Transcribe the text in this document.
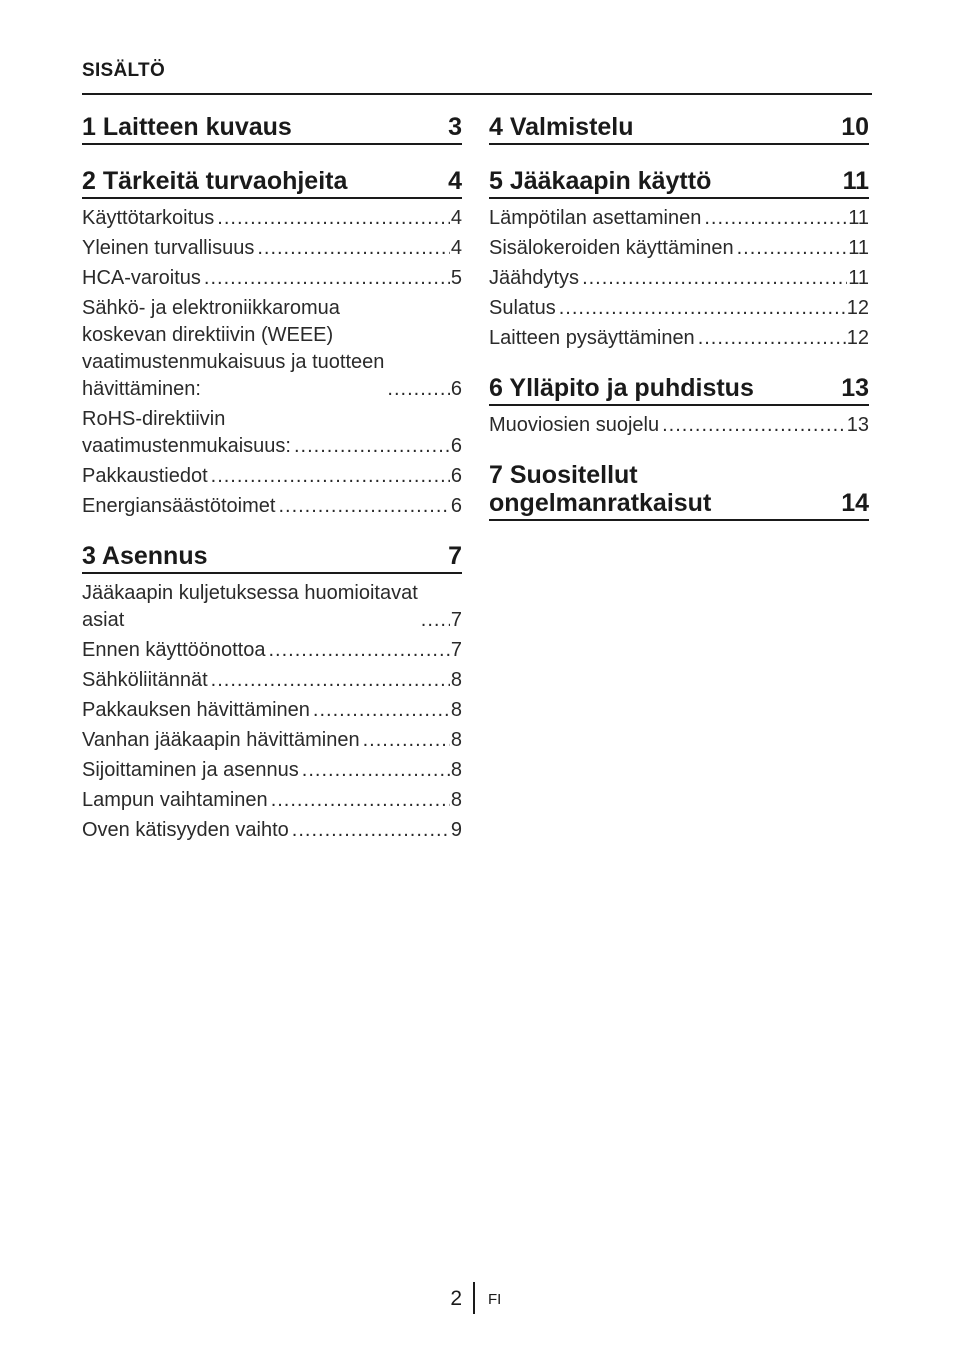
SISÄLTÖ
1 Laitteen kuvaus	3
2 Tärkeitä turvaohjeita	4
Käyttötarkoitus .....	4
Yleinen turvallisuus .....	4
HCA-varoitus .....	5
Sähkö- ja elektroniikkaromua
koskevan direktiivin (WEEE)
vaatimustenmukaisuus ja tuotteen
hävittäminen: .....	6
RoHS-direktiivin
vaatimustenmukaisuus: .....	6
Pakkaustiedot .....	6
Energiansäästötoimet .....	6
3 Asennus	7
Jääkaapin kuljetuksessa huomioitavat
asiat .....	7
Ennen käyttöönottoa .....	7
Sähköliitännät .....	8
Pakkauksen hävittäminen .....	8
Vanhan jääkaapin hävittäminen .....	8
Sijoittaminen ja asennus .....	8
Lampun vaihtaminen .....	8
Oven kätisyyden vaihto .....	9
4 Valmistelu	10
5 Jääkaapin käyttö	11
Lämpötilan asettaminen .....	11
Sisälokeroiden käyttäminen .....	11
Jäähdytys .....	11
Sulatus .....	12
Laitteen pysäyttäminen .....	12
6 Ylläpito ja puhdistus	13
Muoviosien suojelu .....	13
7 Suositellut
ongelmanratkaisut	14
2 FI
